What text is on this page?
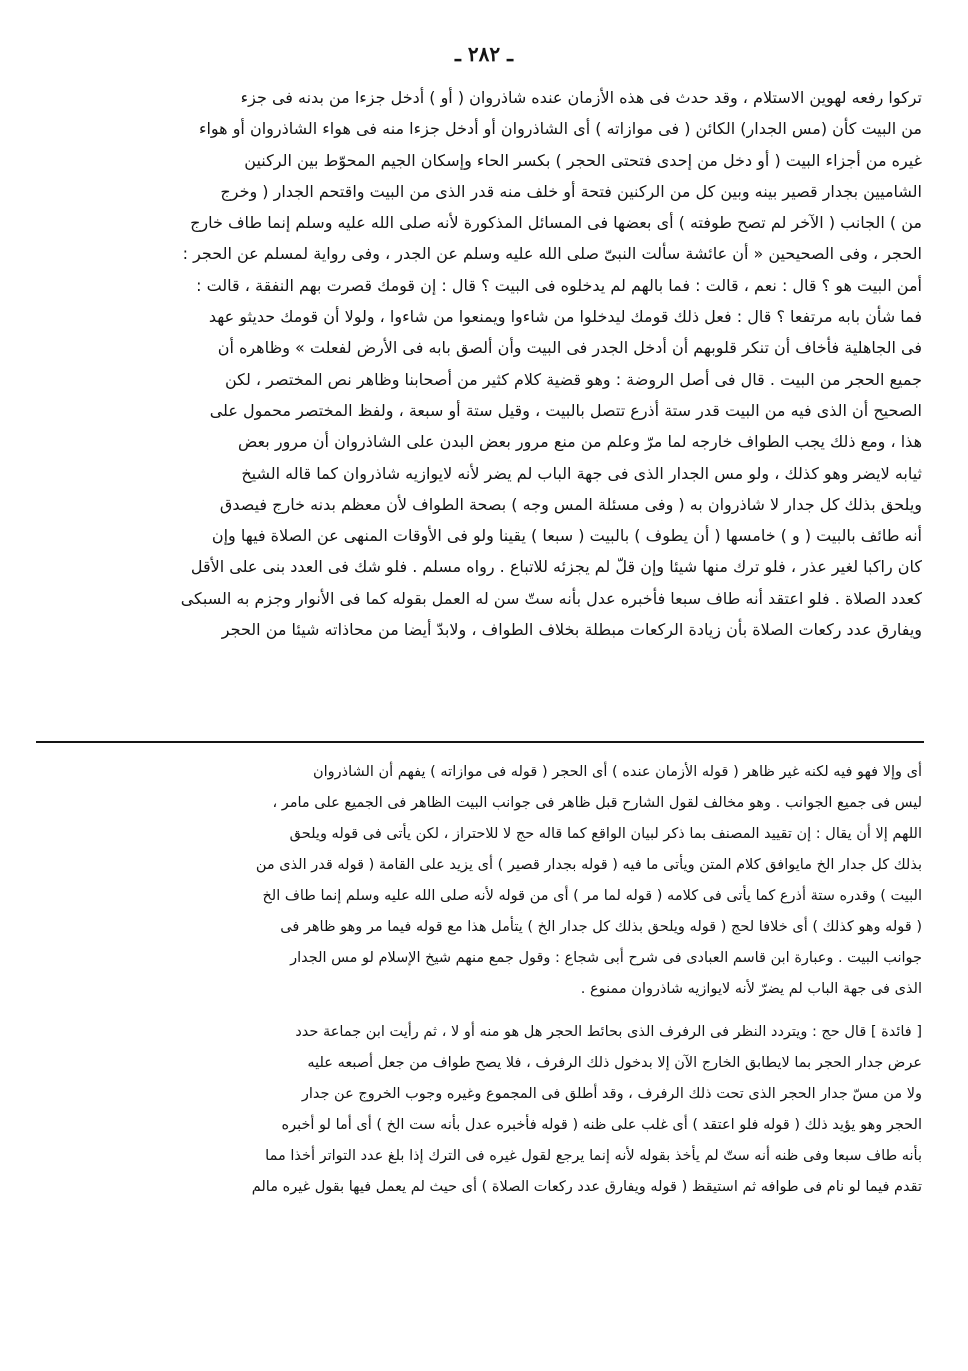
ـ ٢٨٢ ـ
تركوا رفعه لهوين الاستلام ، وقد حدث فى هذه الأزمان عنده شاذروان ( أو ) أدخل جزءا من بدنه فى جزء
من البيت كأن (مس الجدار) الكائن ( فى موازاته ) أى الشاذروان أو أدخل جزءا منه فى هواء الشاذروان أو هواء
غيره من أجزاء البيت ( أو دخل من إحدى فتحتى الحجر ) بكسر الحاء وإسكان الجيم المحوّط بين الركنين
الشاميين بجدار قصير بينه وبين كل من الركنين فتحة أو خلف منه قدر الذى من البيت واقتحم الجدار ( وخرج
من ) الجانب ( الآخر لم تصح طوفته ) أى بعضها فى المسائل المذكورة لأنه صلى الله عليه وسلم إنما طاف خارج
الحجر ، وفى الصحيحين « أن عائشة سألت النبىّ صلى الله عليه وسلم عن الجدر ، وفى رواية لمسلم عن الحجر :
أمن البيت هو ؟ قال : نعم ، قالت : فما بالهم لم يدخلوه فى البيت ؟ قال : إن قومك قصرت بهم النفقة ، قالت :
فما شأن بابه مرتفعا ؟ قال : فعل ذلك قومك ليدخلوا من شاءوا ويمنعوا من شاءوا ، ولولا أن قومك حديثو عهد
فى الجاهلية فأخاف أن تنكر قلوبهم أن أدخل الجدر فى البيت وأن ألصق بابه فى الأرض لفعلت » وظاهره أن
جميع الحجر من البيت . قال فى أصل الروضة : وهو قضية كلام كثير من أصحابنا وظاهر نص المختصر ، لكن
الصحيح أن الذى فيه من البيت قدر ستة أذرع تتصل بالبيت ، وقيل ستة أو سبعة ، ولفظ المختصر محمول على
هذا ، ومع ذلك يجب الطواف خارجه لما مرّ وعلم من منع مرور بعض البدن على الشاذروان أن مرور بعض
ثيابه لايضر وهو كذلك ، ولو مس الجدار الذى فى جهة الباب لم يضر لأنه لايوازيه شاذروان كما قاله الشيخ
ويلحق بذلك كل جدار لا شاذروان به ( وفى مسئلة المس وجه ) بصحة الطواف لأن معظم بدنه خارج فيصدق
أنه طائف بالبيت ( و ) خامسها ( أن يطوف ) بالبيت ( سبعا ) يقينا ولو فى الأوقات المنهى عن الصلاة فيها وإن
كان راكبا لغير عذر ، فلو ترك منها شيئا وإن قلّ لم يجزئه للاتباع . رواه مسلم . فلو شك فى العدد بنى على الأقل
كعدد الصلاة . فلو اعتقد أنه طاف سبعا فأخبره عدل بأنه ستّ سن له العمل بقوله كما فى الأنوار وجزم به السبكى
ويفارق عدد ركعات الصلاة بأن زيادة الركعات مبطلة بخلاف الطواف ، ولابدّ أيضا من محاذاته شيئا من الحجر
أى وإلا فهو فيه لكنه غير ظاهر ( قوله الأزمان عنده ) أى الحجر ( قوله فى موازاته ) يفهم أن الشاذروان
ليس فى جميع الجوانب . وهو مخالف لقول الشارح قبل ظاهر فى جوانب البيت الظاهر فى الجميع على مامر ،
اللهم إلا أن يقال : إن تقييد المصنف بما ذكر لبيان الواقع كما قاله حج لا للاحتراز ، لكن يأتى فى قوله ويلحق
بذلك كل جدار الخ مايوافق كلام المتن ويأتى ما فيه ( قوله بجدار قصير ) أى يزيد على القامة ( قوله قدر الذى من
البيت ) وقدره ستة أذرع كما يأتى فى كلامه ( قوله لما مر ) أى من قوله لأنه صلى الله عليه وسلم إنما طاف الخ
( قوله وهو كذلك ) أى خلافا لحج ( قوله ويلحق بذلك كل جدار الخ ) يتأمل هذا مع قوله فيما مر وهو ظاهر فى
جوانب البيت . وعبارة ابن قاسم العبادى فى شرح أبى شجاع : وقول جمع منهم شيخ الإسلام لو مس الجدار
الذى فى جهة الباب لم يضرّ لأنه لايوازيه شاذروان ممنوع .
[ فائدة ] قال حج : ويتردد النظر فى الرفرف الذى بحائط الحجر هل هو منه أو لا ، ثم رأيت ابن جماعة حدد
عرض جدار الحجر بما لايطابق الخارج الآن إلا بدخول ذلك الرفرف ، فلا يصح طواف من جعل أصبعه عليه
ولا من مسّ جدار الحجر الذى تحت ذلك الرفرف ، وقد أطلق فى المجموع وغيره وجوب الخروج عن جدار
الحجر وهو يؤيد ذلك ( قوله فلو اعتقد ) أى غلب على ظنه ( قوله فأخبره عدل بأنه ست الخ ) أى أما لو أخبره
بأنه طاف سبعا وفى ظنه أنه ستّ لم يأخذ بقوله لأنه إنما يرجع لقول غيره فى الترك إذا بلغ عدد التواتر أخذا مما
تقدم فيما لو نام فى طوافه ثم استيقظ ( قوله ويفارق عدد ركعات الصلاة ) أى حيث لم يعمل فيها بقول غيره مالم
